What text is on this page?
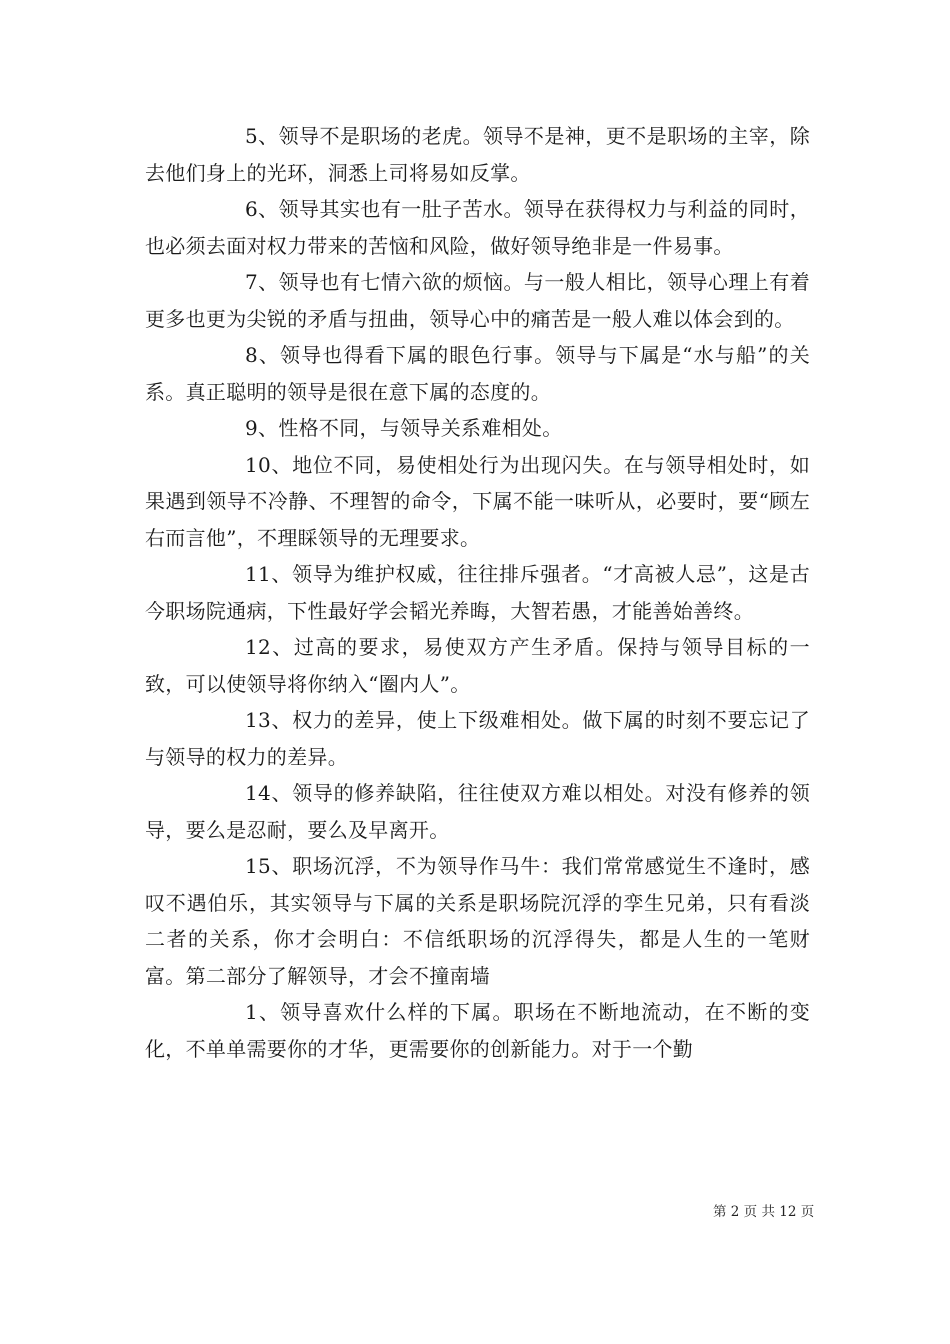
5、领导不是职场的老虎。领导不是神，更不是职场的主宰，除去他们身上的光环，洞悉上司将易如反掌。

6、领导其实也有一肚子苦水。领导在获得权力与利益的同时，也必须去面对权力带来的苦恼和风险，做好领导绝非是一件易事。

7、领导也有七情六欲的烦恼。与一般人相比，领导心理上有着更多也更为尖锐的矛盾与扭曲，领导心中的痛苦是一般人难以体会到的。

8、领导也得看下属的眼色行事。领导与下属是“水与船”的关系。真正聪明的领导是很在意下属的态度的。

9、性格不同，与领导关系难相处。

10、地位不同，易使相处行为出现闪失。在与领导相处时，如果遇到领导不冷静、不理智的命令，下属不能一味听从，必要时，要“顾左右而言他”，不理睬领导的无理要求。

11、领导为维护权威，往往排斥强者。“才高被人忌”，这是古今职场院通病，下性最好学会韬光养晦，大智若愚，才能善始善终。

12、过高的要求，易使双方产生矛盾。保持与领导目标的一致，可以使领导将你纳入“圈内人”。

13、权力的差异，使上下级难相处。做下属的时刻不要忘记了与领导的权力的差异。

14、领导的修养缺陷，往往使双方难以相处。对没有修养的领导，要么是忍耐，要么及早离开。

15、职场沉浮，不为领导作马牛：我们常常感觉生不逢时，感叹不遇伯乐，其实领导与下属的关系是职场院沉浮的孪生兄弟，只有看淡二者的关系，你才会明白：不信纸职场的沉浮得失，都是人生的一笔财富。第二部分了解领导，才会不撞南墙

1、领导喜欢什么样的下属。职场在不断地流动，在不断的变化，不单单需要你的才华，更需要你的创新能力。对于一个勤

第 2 页 共 12 页
